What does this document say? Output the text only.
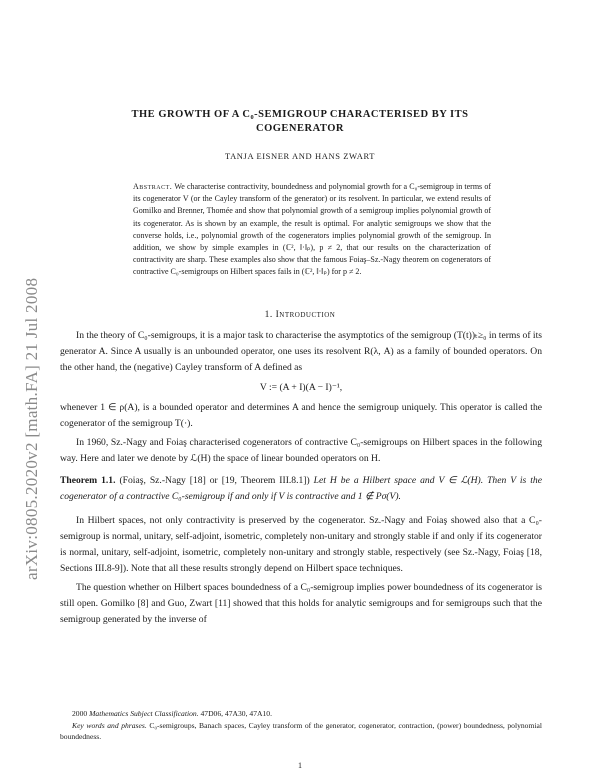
arXiv:0805.2020v2 [math.FA] 21 Jul 2008
THE GROWTH OF A C₀-SEMIGROUP CHARACTERISED BY ITS COGENERATOR
TANJA EISNER AND HANS ZWART
Abstract. We characterise contractivity, boundedness and polynomial growth for a C₀-semigroup in terms of its cogenerator V (or the Cayley transform of the generator) or its resolvent. In particular, we extend results of Gomilko and Brenner, Thomée and show that polynomial growth of a semigroup implies polynomial growth of its cogenerator. As is shown by an example, the result is optimal. For analytic semigroups we show that the converse holds, i.e., polynomial growth of the cogenerators implies polynomial growth of the semigroup. In addition, we show by simple examples in (ℂ², ‖·‖ₚ), p ≠ 2, that our results on the characterization of contractivity are sharp. These examples also show that the famous Foiaş–Sz.-Nagy theorem on cogenerators of contractive C₀-semigroups on Hilbert spaces fails in (ℂ², ‖·‖ₚ) for p ≠ 2.
1. Introduction

In the theory of C₀-semigroups, it is a major task to characterise the asymptotics of the semigroup (T(t))ₜ≥₀ in terms of its generator A. Since A usually is an unbounded operator, one uses its resolvent R(λ, A) as a family of bounded operators. On the other hand, the (negative) Cayley transform of A defined as

V := (A + I)(A − I)⁻¹,

whenever 1 ∈ ρ(A), is a bounded operator and determines A and hence the semigroup uniquely. This operator is called the cogenerator of the semigroup T(·).

In 1960, Sz.-Nagy and Foiaş characterised cogenerators of contractive C₀-semigroups on Hilbert spaces in the following way. Here and later we denote by ℒ(H) the space of linear bounded operators on H.

Theorem 1.1. (Foiaş, Sz.-Nagy [18] or [19, Theorem III.8.1]) Let H be a Hilbert space and V ∈ ℒ(H). Then V is the cogenerator of a contractive C₀-semigroup if and only if V is contractive and 1 ∉ Pσ(V).

In Hilbert spaces, not only contractivity is preserved by the cogenerator. Sz.-Nagy and Foiaş showed also that a C₀-semigroup is normal, unitary, self-adjoint, isometric, completely non-unitary and strongly stable if and only if its cogenerator is normal, unitary, self-adjoint, isometric, completely non-unitary and strongly stable, respectively (see Sz.-Nagy, Foiaş [18, Sections III.8-9]). Note that all these results strongly depend on Hilbert space techniques.

The question whether on Hilbert spaces boundedness of a C₀-semigroup implies power boundedness of its cogenerator is still open. Gomilko [8] and Guo, Zwart [11] showed that this holds for analytic semigroups and for semigroups such that the semigroup generated by the inverse of

2000 Mathematics Subject Classification. 47D06, 47A30, 47A10.

Key words and phrases. C₀-semigroups, Banach spaces, Cayley transform of the generator, cogenerator, contraction, (power) boundedness, polynomial boundedness.

1
